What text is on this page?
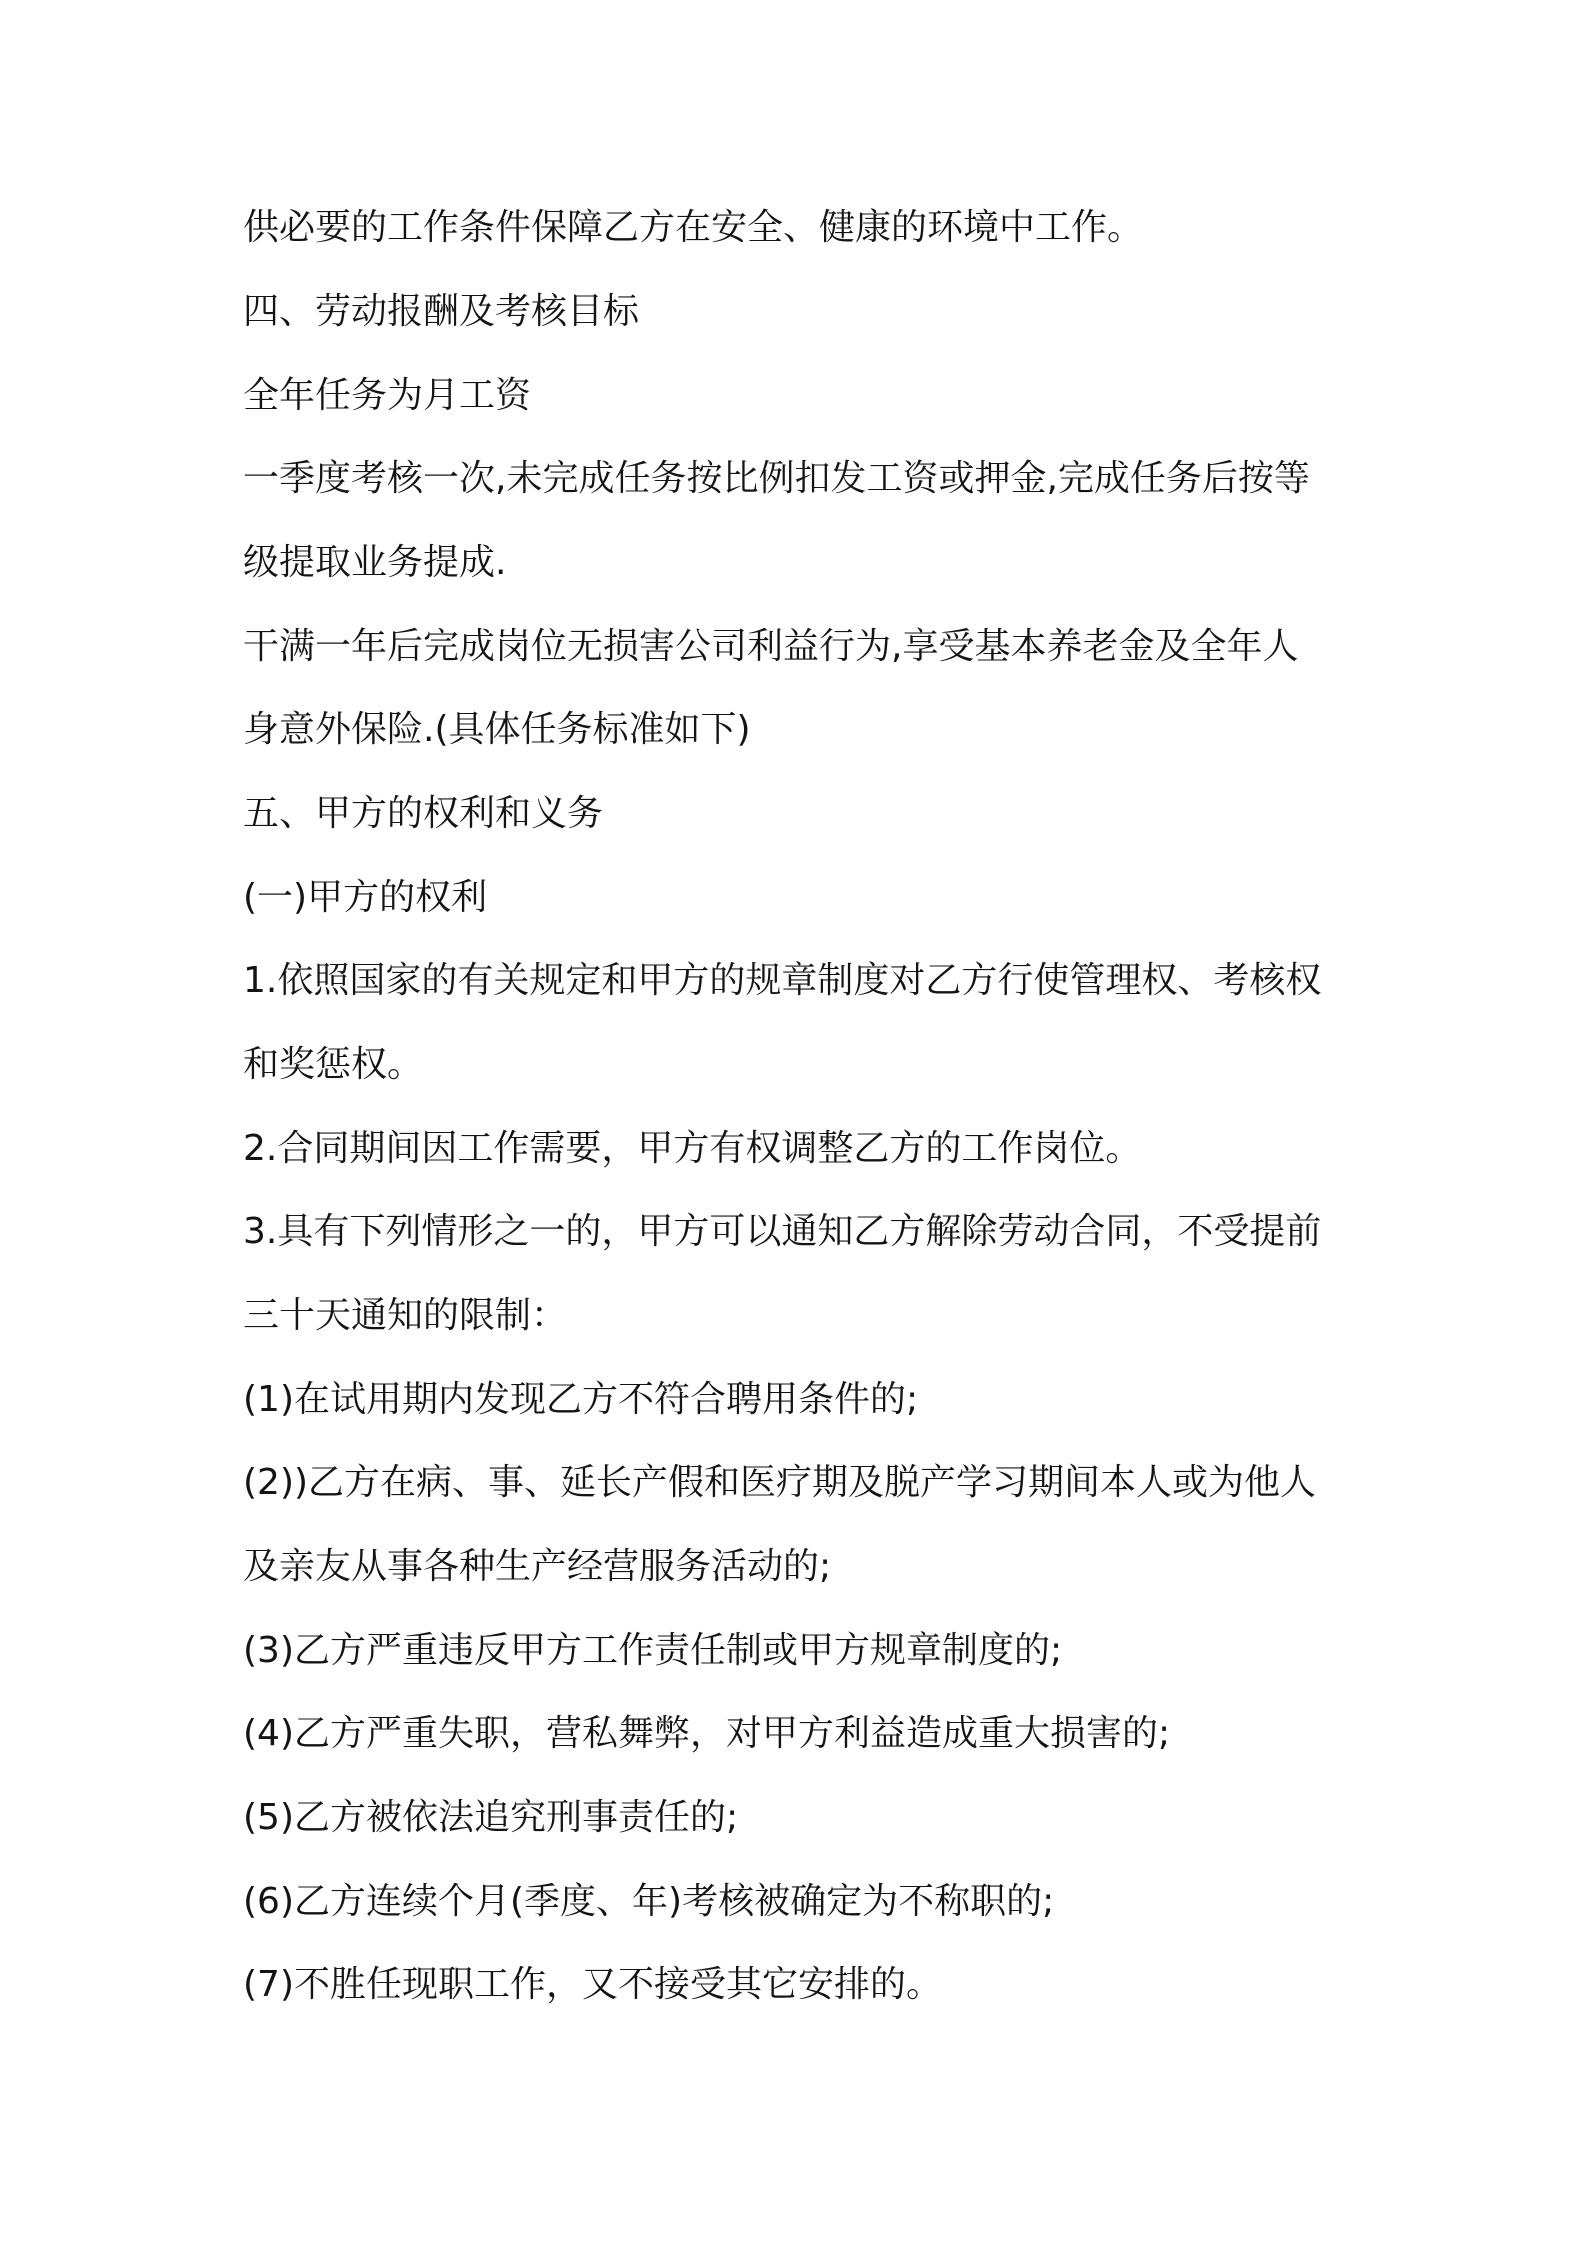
供必要的工作条件保障乙方在安全、健康的环境中工作。
四、劳动报酬及考核目标
全年任务为月工资
一季度考核一次,未完成任务按比例扣发工资或押金,完成任务后按等
级提取业务提成.
干满一年后完成岗位无损害公司利益行为,享受基本养老金及全年人
身意外保险.(具体任务标准如下)
五、甲方的权利和义务
(一)甲方的权利
1.依照国家的有关规定和甲方的规章制度对乙方行使管理权、考核权
和奖惩权。
2.合同期间因工作需要，甲方有权调整乙方的工作岗位。
3.具有下列情形之一的，甲方可以通知乙方解除劳动合同，不受提前
三十天通知的限制：
(1)在试用期内发现乙方不符合聘用条件的;
(2))乙方在病、事、延长产假和医疗期及脱产学习期间本人或为他人
及亲友从事各种生产经营服务活动的;
(3)乙方严重违反甲方工作责任制或甲方规章制度的;
(4)乙方严重失职，营私舞弊，对甲方利益造成重大损害的;
(5)乙方被依法追究刑事责任的;
(6)乙方连续个月(季度、年)考核被确定为不称职的;
(7)不胜任现职工作，又不接受其它安排的。
